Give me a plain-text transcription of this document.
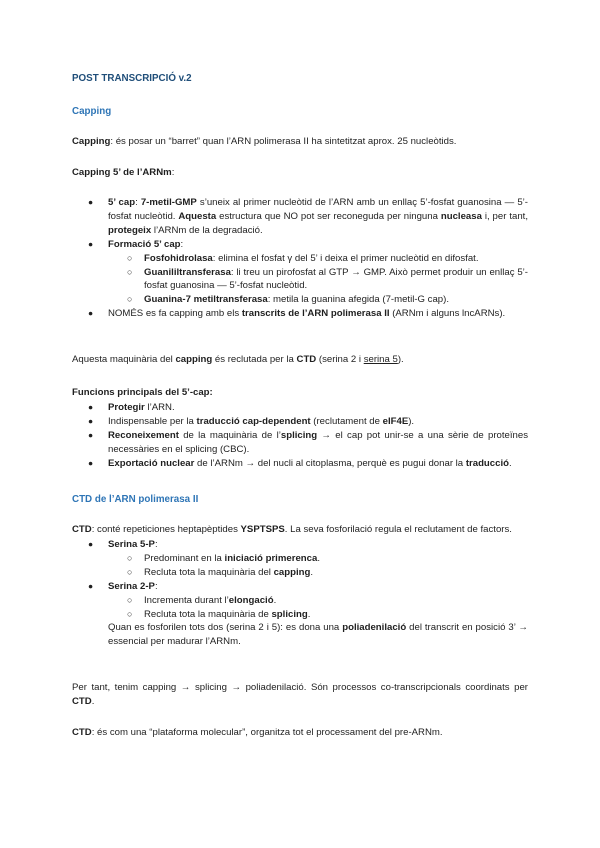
POST TRANSCRIPCIÓ v.2

Capping

Capping: és posar un “barret” quan l’ARN polimerasa II ha sintetitzat aprox. 25 nucleòtids.

Capping 5’ de l’ARNm:

● 5’ cap: 7-metil-GMP s’uneix al primer nucleòtid de l’ARN amb un enllaç 5’-fosfat guanosina — 5’-fosfat nucleòtid. Aquesta estructura que NO pot ser reconeguda per ninguna nucleasa i, per tant, protegeix l’ARNm de la degradació.
● Formació 5’ cap:
○ Fosfohidrolasa: elimina el fosfat γ del 5’ i deixa el primer nucleòtid en difosfat.
○ Guanililtransferasa: li treu un pirofosfat al GTP → GMP. Això permet produir un enllaç 5’-fosfat guanosina — 5’-fosfat nucleòtid.
○ Guanina-7 metiltransferasa: metila la guanina afegida (7-metil-G cap).
● NOMÉS es fa capping amb els transcrits de l’ARN polimerasa II (ARNm i alguns lncARNs).

Aquesta maquinària del capping és reclutada per la CTD (serina 2 i serina 5).

Funcions principals del 5’-cap:

● Protegir l’ARN.
● Indispensable per la traducció cap-dependent (reclutament de eIF4E).
● Reconeixement de la maquinària de l’splicing → el cap pot unir-se a una sèrie de proteïnes necessàries en el splicing (CBC).
● Exportació nuclear de l’ARNm → del nucli al citoplasma, perquè es pugui donar la traducció.

CTD de l’ARN polimerasa II

CTD: conté repeticiones heptapèptides YSPTSPS. La seva fosforilació regula el reclutament de factors.

● Serina 5-P:
○ Predominant en la iniciació primerenca.
○ Recluta tota la maquinària del capping.
● Serina 2-P:
○ Incrementa durant l’elongació.
○ Recluta tota la maquinària de splicing.

Quan es fosforilen tots dos (serina 2 i 5): es dona una poliadenilació del transcrit en posició 3’ → essencial per madurar l’ARNm.

Per tant, tenim capping → splicing → poliadenilació. Són processos co-transcripcionals coordinats per CTD.

CTD: és com una “plataforma molecular”, organitza tot el processament del pre-ARNm.
